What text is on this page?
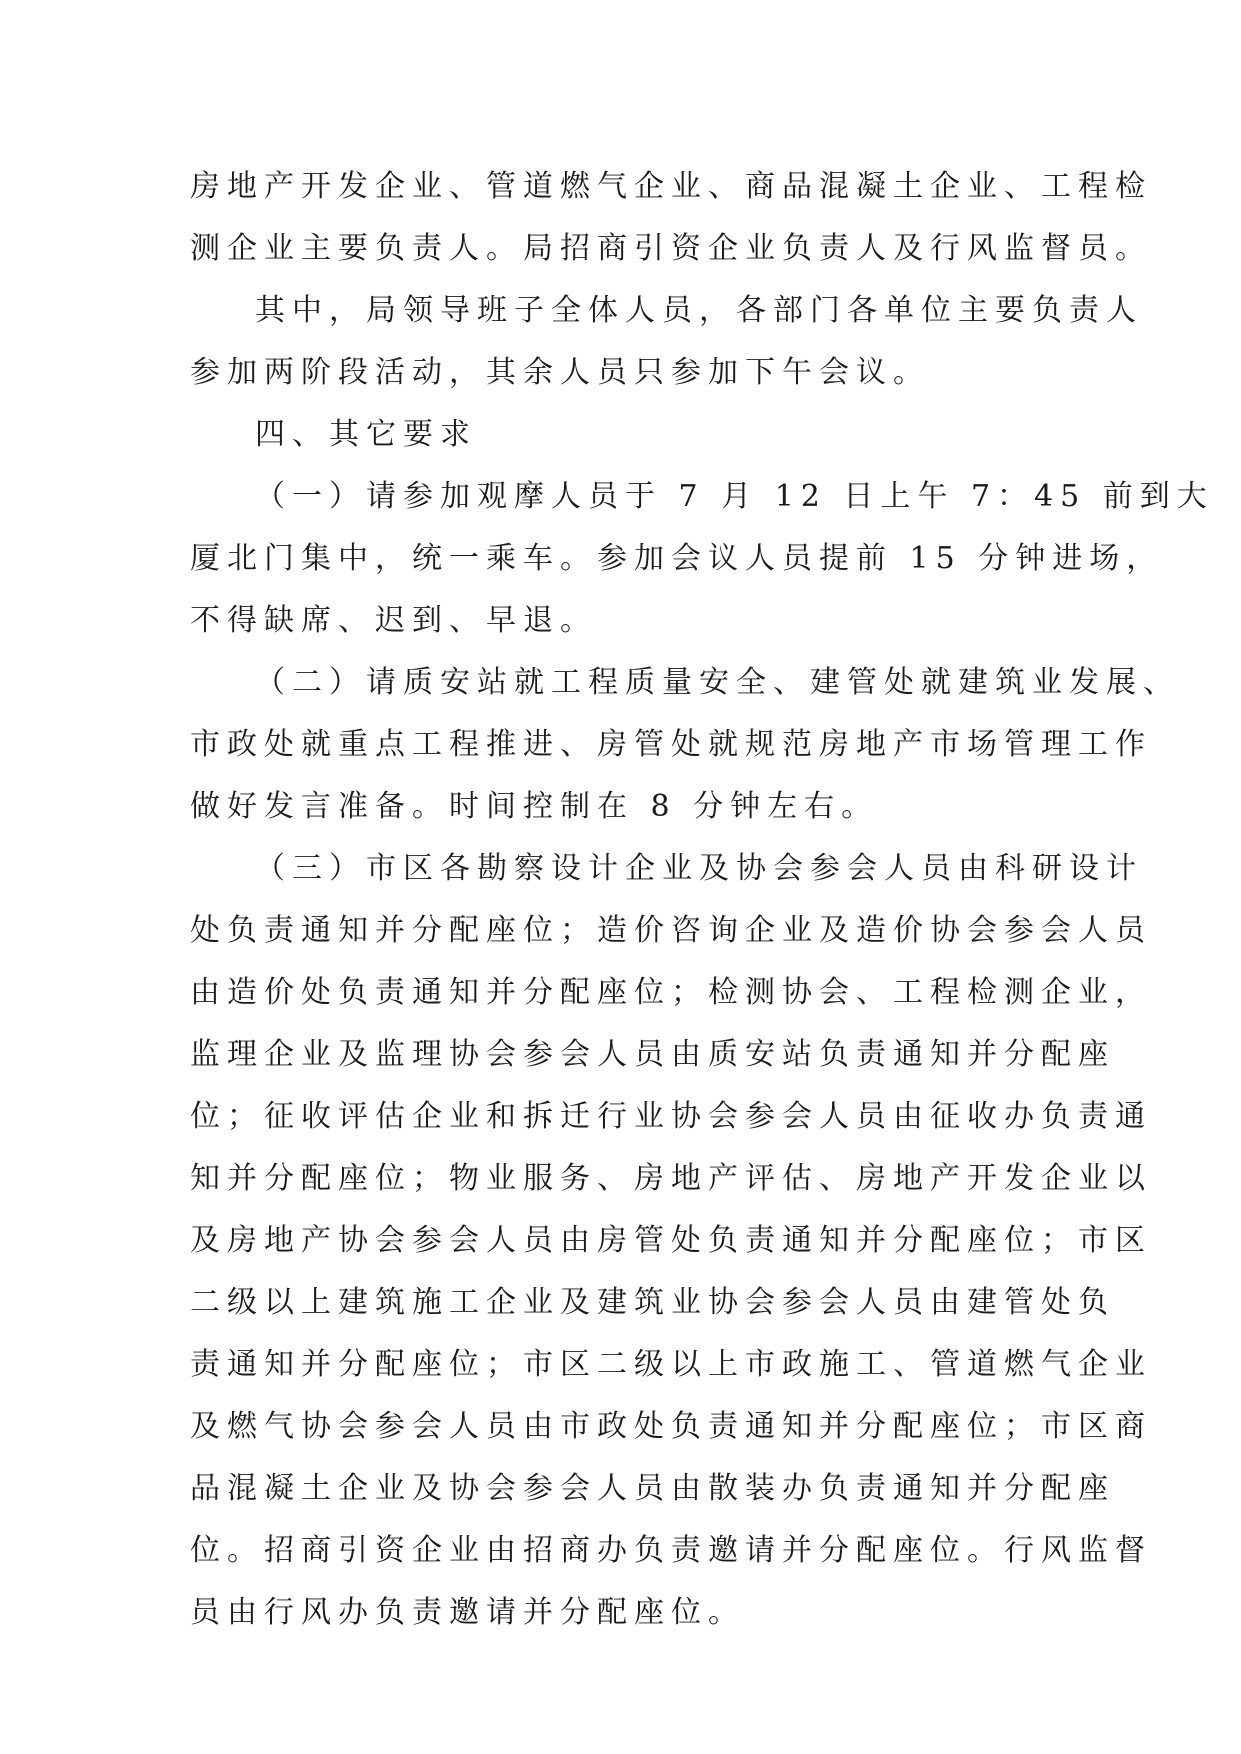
房地产开发企业、管道燃气企业、商品混凝土企业、工程检
测企业主要负责人。局招商引资企业负责人及行风监督员。
其中，局领导班子全体人员，各部门各单位主要负责人
参加两阶段活动，其余人员只参加下午会议。
四、其它要求
（一）请参加观摩人员于 7 月 12 日上午 7：45 前到大
厦北门集中，统一乘车。参加会议人员提前 15 分钟进场，
不得缺席、迟到、早退。
（二）请质安站就工程质量安全、建管处就建筑业发展、
市政处就重点工程推进、房管处就规范房地产市场管理工作
做好发言准备。时间控制在 8 分钟左右。
（三）市区各勘察设计企业及协会参会人员由科研设计
处负责通知并分配座位；造价咨询企业及造价协会参会人员
由造价处负责通知并分配座位；检测协会、工程检测企业，
监理企业及监理协会参会人员由质安站负责通知并分配座
位；征收评估企业和拆迁行业协会参会人员由征收办负责通
知并分配座位；物业服务、房地产评估、房地产开发企业以
及房地产协会参会人员由房管处负责通知并分配座位；市区
二级以上建筑施工企业及建筑业协会参会人员由建管处负
责通知并分配座位；市区二级以上市政施工、管道燃气企业
及燃气协会参会人员由市政处负责通知并分配座位；市区商
品混凝土企业及协会参会人员由散装办负责通知并分配座
位。招商引资企业由招商办负责邀请并分配座位。行风监督
员由行风办负责邀请并分配座位。
